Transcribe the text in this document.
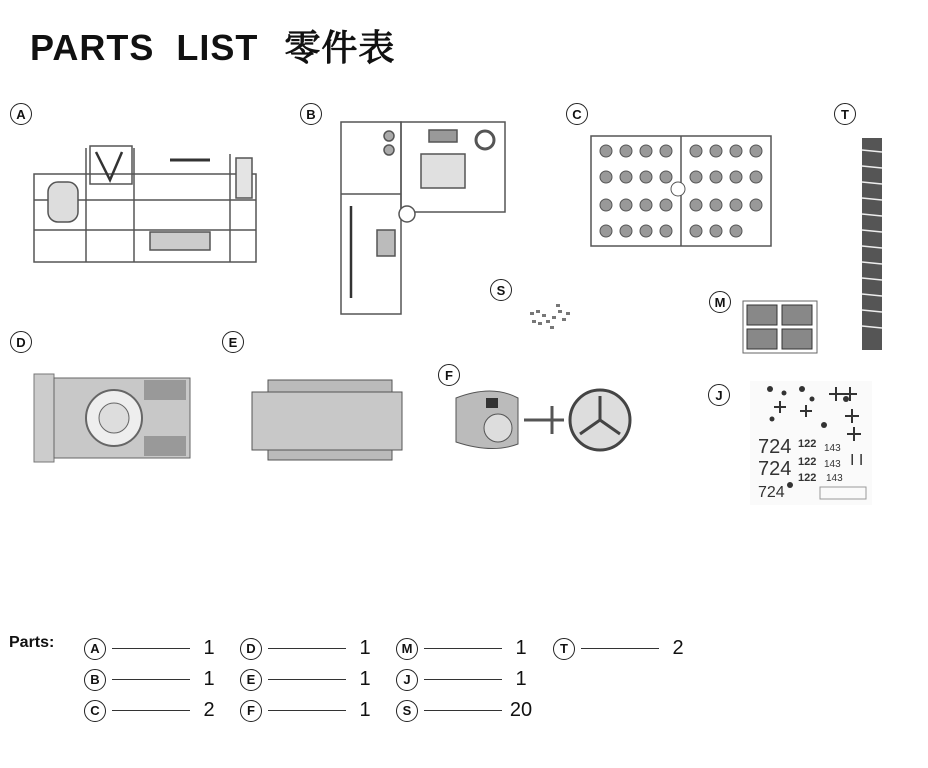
PARTS  LIST 零件表
A	B	C	T
S
M
D	E
F
J
724 122 143
724 122 143
122 143
I I
724
Parts:	A	1
B	1
C	2
D	1
E	1
F	1
M	1
J	1
S	20
T	2
